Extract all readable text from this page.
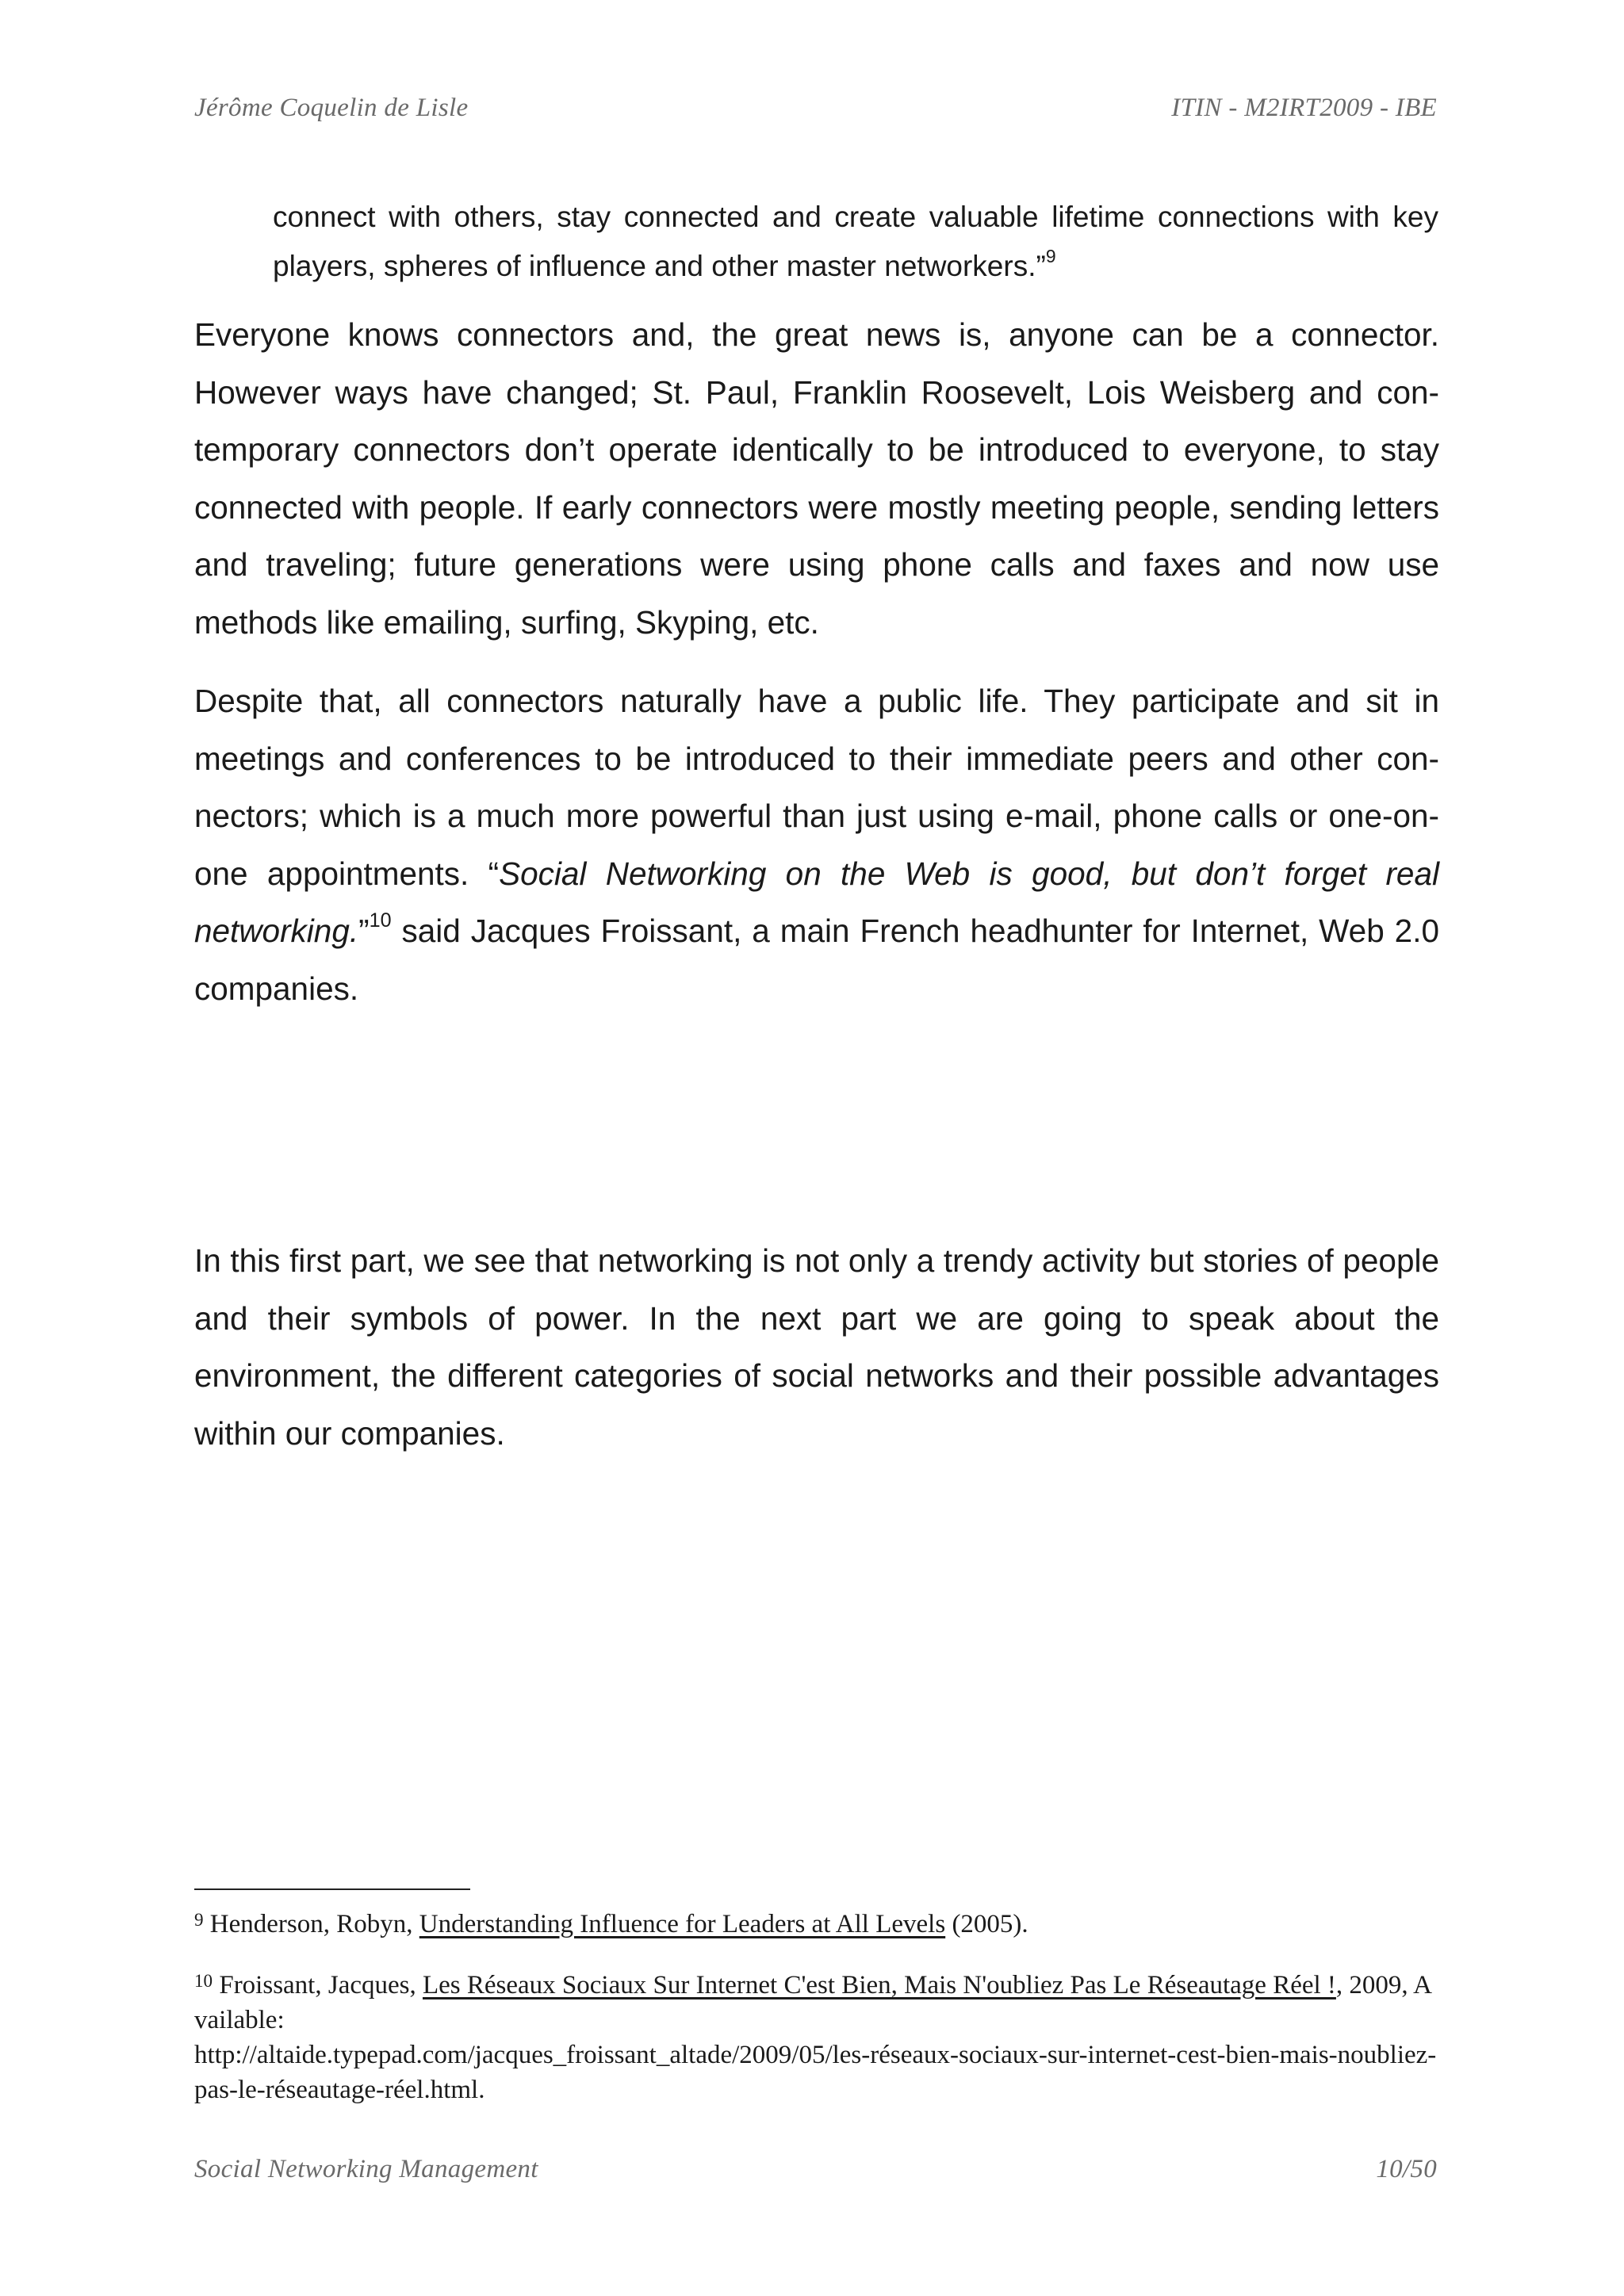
Jérôme Coquelin de Lisle	ITIN - M2IRT2009 - IBE

connect with others, stay connected and create valuable lifetime connections with key players, spheres of influence and other master networkers.”$^9$

Everyone knows connectors and, the great news is, anyone can be a connector. However ways have changed; St. Paul, Franklin Roosevelt, Lois Weisberg and contemporary connectors don’t operate identically to be introduced to everyone, to stay connected with people. If early connectors were mostly meeting people, sending letters and traveling; future generations were using phone calls and faxes and now use methods like emailing, surfing, Skyping, etc.

Despite that, all connectors naturally have a public life. They participate and sit in meetings and conferences to be introduced to their immediate peers and other connectors; which is a much more powerful than just using e-mail, phone calls or one-on-one appointments. “Social Networking on the Web is good, but don’t forget real networking.”$^{10}$ said Jacques Froissant, a main French headhunter for Internet, Web 2.0 companies.

In this first part, we see that networking is not only a trendy activity but stories of people and their symbols of power. In the next part we are going to speak about the environment, the different categories of social networks and their possible advantages within our companies.

$^9$ Henderson, Robyn, Understanding Influence for Leaders at All Levels (2005).

$^{10}$ Froissant, Jacques, Les Réseaux Sociaux Sur Internet C'est Bien, Mais N'oubliez Pas Le Réseautage Réel !, 2009, Available:
http://altaide.typepad.com/jacques_froissant_altade/2009/05/les-réseaux-sociaux-sur-internet-cest-bien-mais-noubliez-pas-le-réseautage-réel.html.

Social Networking Management	10/50
